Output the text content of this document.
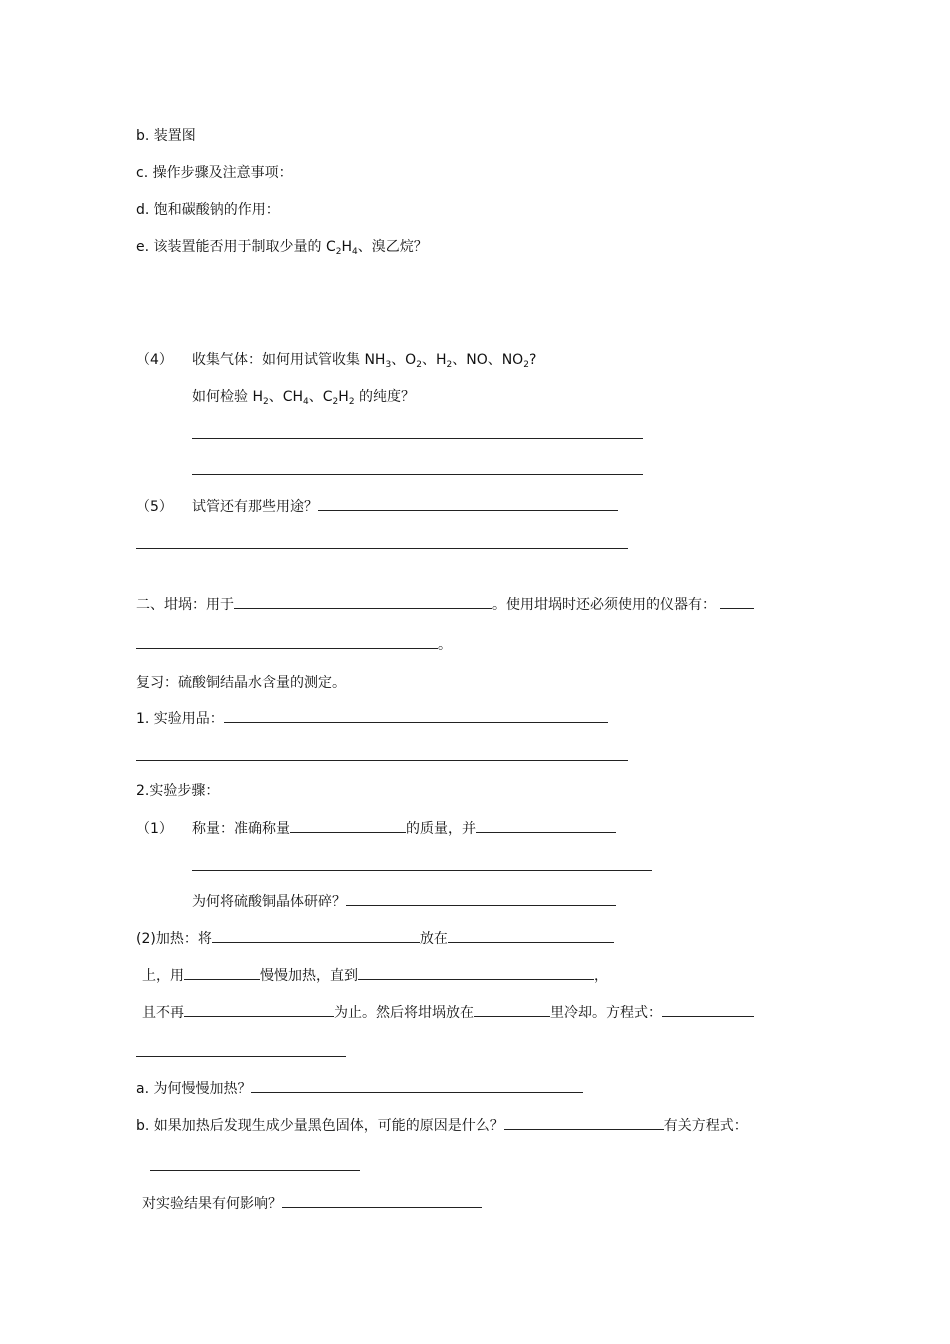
b. 装置图
c. 操作步骤及注意事项：
d. 饱和碳酸钠的作用：
e. 该装置能否用于制取少量的 $C_2H_4$、溴乙烷？
（4） 收集气体：如何用试管收集 $NH_3$、$O_2$、$H_2$、NO、$NO_2$?
如何检验 $H_2$、$CH_4$、$C_2H_2$ 的纯度？
（5） 试管还有那些用途？
二、坩埚：用于	。使用坩埚时还必须使用的仪器有：
。
复习：硫酸铜结晶水含量的测定。
1. 实验用品：
2.实验步骤：
（1） 称量：准确称量	的质量，并
为何将硫酸铜晶体研碎？
(2)加热：将	放在
上，用	慢慢加热，直到	，
且不再	为止。然后将坩埚放在	里冷却。方程式：
a. 为何慢慢加热？
b. 如果加热后发现生成少量黑色固体，可能的原因是什么？	有关方程式：
对实验结果有何影响？
